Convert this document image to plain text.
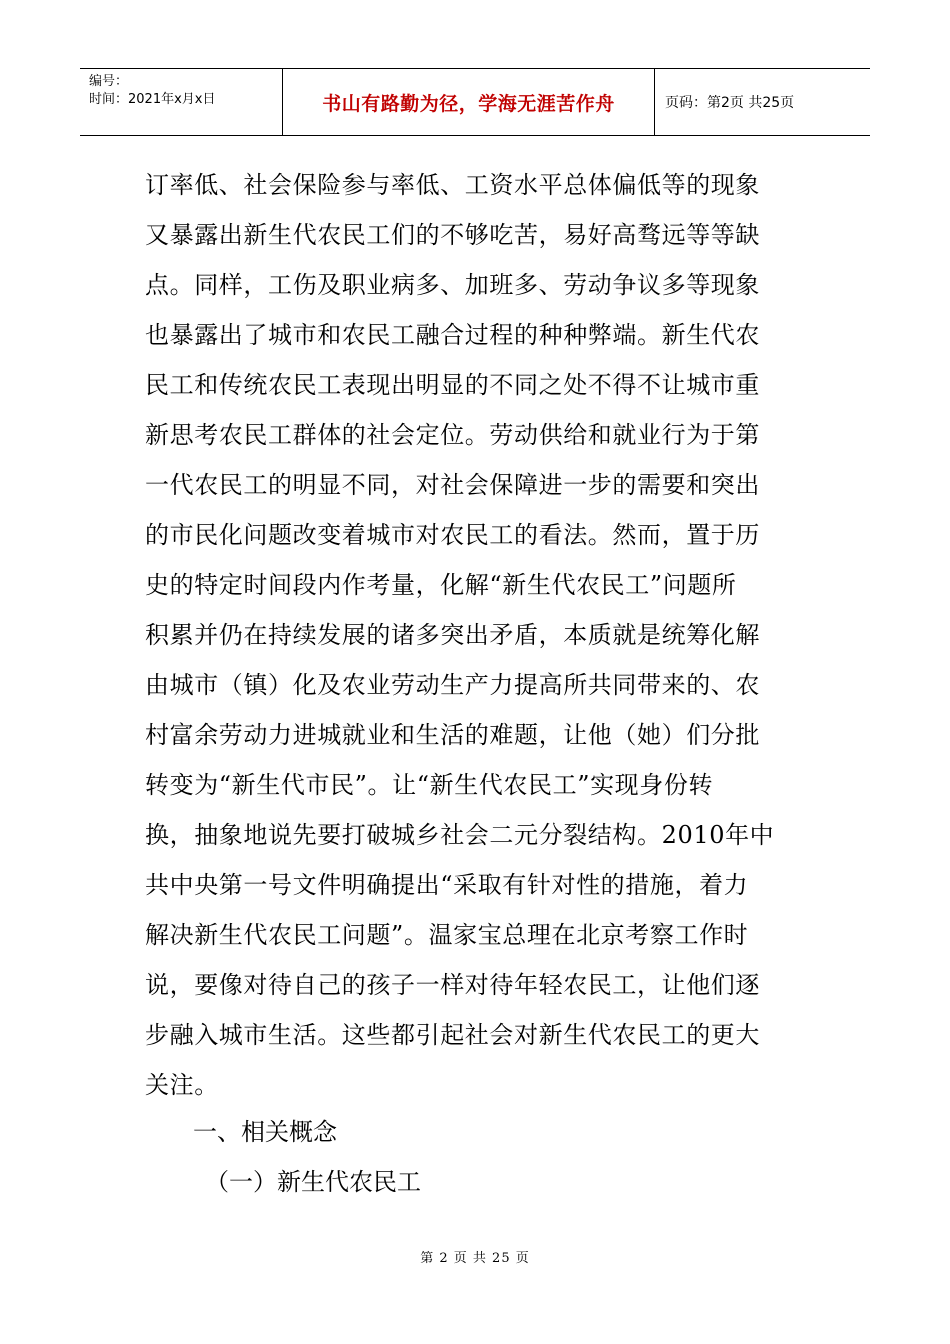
编号：
时间：2021年x月x日	书山有路勤为径，学海无涯苦作舟	页码：第2页 共25页
订率低、社会保险参与率低、工资水平总体偏低等的现象
又暴露出新生代农民工们的不够吃苦，易好高骛远等等缺
点。同样，工伤及职业病多、加班多、劳动争议多等现象
也暴露出了城市和农民工融合过程的种种弊端。新生代农
民工和传统农民工表现出明显的不同之处不得不让城市重
新思考农民工群体的社会定位。劳动供给和就业行为于第
一代农民工的明显不同，对社会保障进一步的需要和突出
的市民化问题改变着城市对农民工的看法。然而，置于历
史的特定时间段内作考量，化解“新生代农民工”问题所
积累并仍在持续发展的诸多突出矛盾，本质就是统筹化解
由城市（镇）化及农业劳动生产力提高所共同带来的、农
村富余劳动力进城就业和生活的难题，让他（她）们分批
转变为“新生代市民”。让“新生代农民工”实现身份转
换，抽象地说先要打破城乡社会二元分裂结构。2010年中
共中央第一号文件明确提出“采取有针对性的措施，着力
解决新生代农民工问题”。温家宝总理在北京考察工作时
说，要像对待自己的孩子一样对待年轻农民工，让他们逐
步融入城市生活。这些都引起社会对新生代农民工的更大
关注。
一、相关概念
（一）新生代农民工
第 2 页 共 25 页
